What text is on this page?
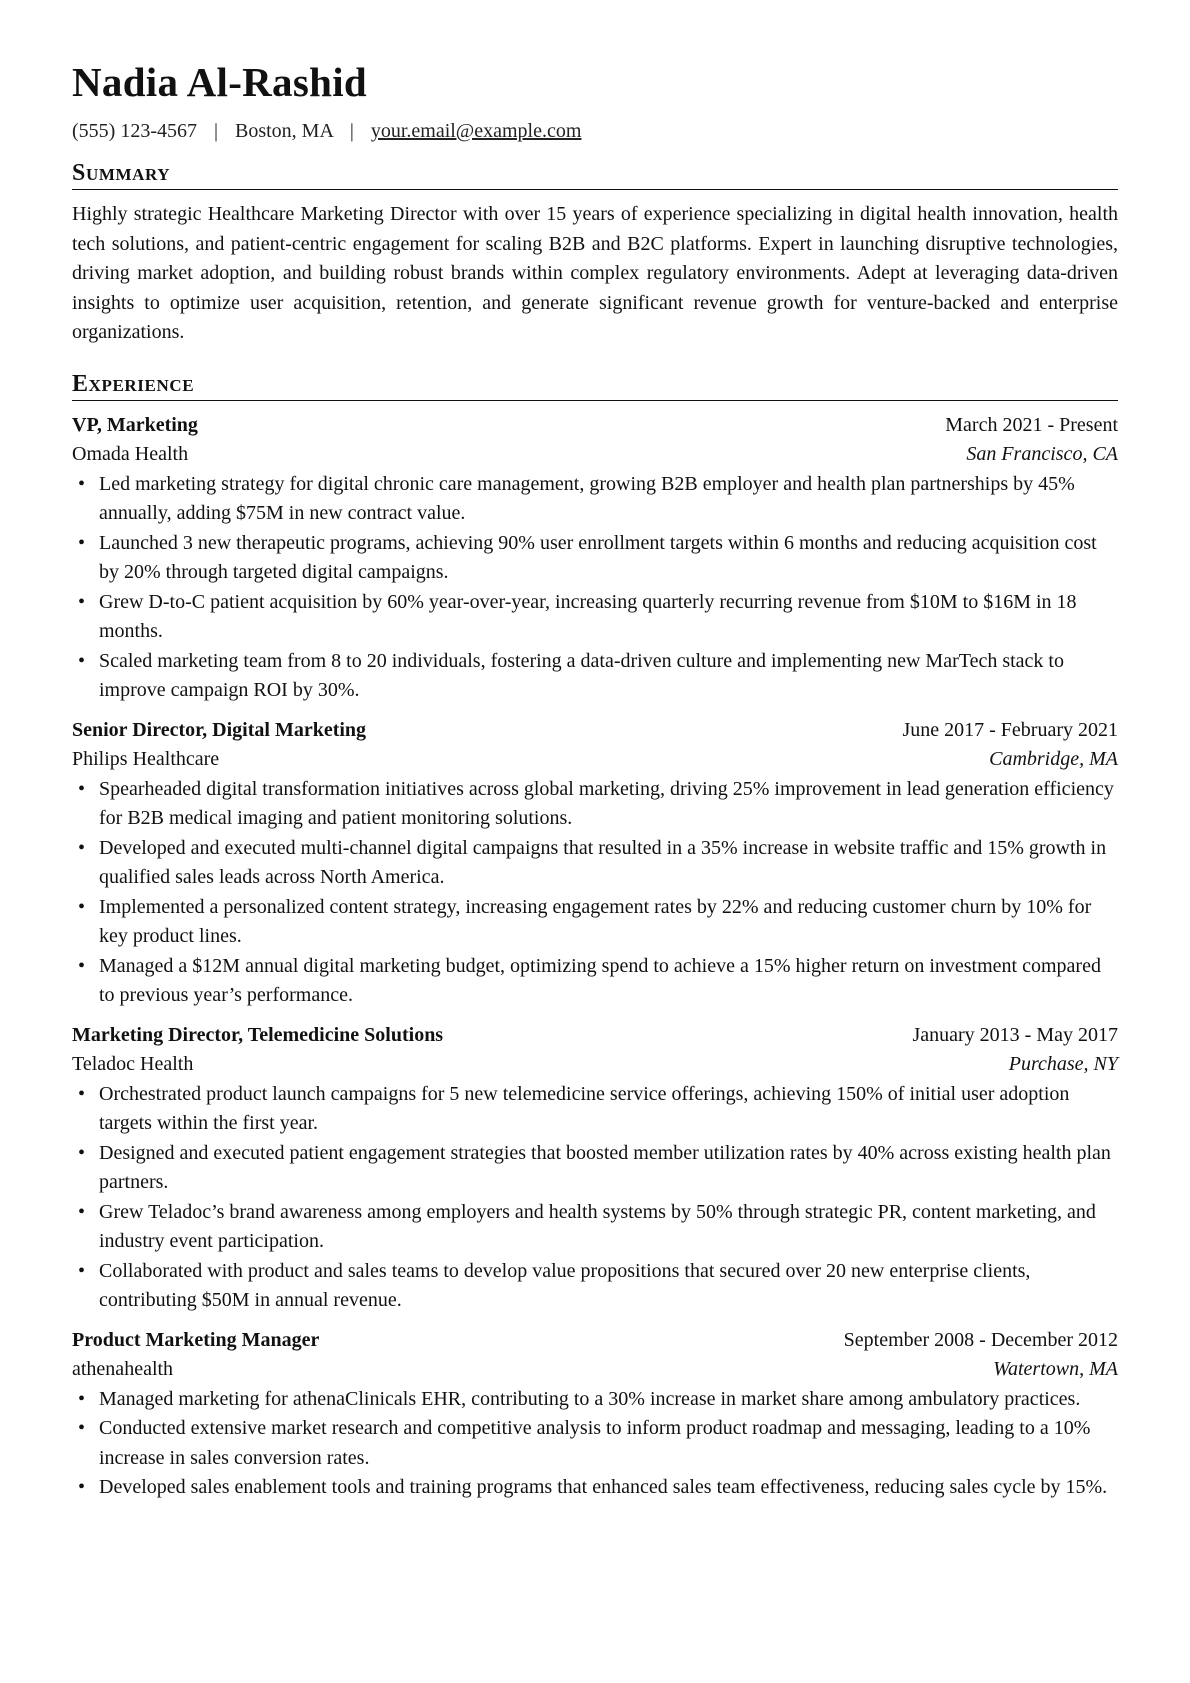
Nadia Al-Rashid
(555) 123-4567 | Boston, MA | your.email@example.com
Summary
Highly strategic Healthcare Marketing Director with over 15 years of experience specializing in digital health innovation, health tech solutions, and patient-centric engagement for scaling B2B and B2C platforms. Expert in launching disruptive technologies, driving market adoption, and building robust brands within complex regulatory environments. Adept at leveraging data-driven insights to optimize user acquisition, retention, and generate significant revenue growth for venture-backed and enterprise organizations.
Experience
VP, Marketing	March 2021 - Present
Omada Health	San Francisco, CA
• Led marketing strategy for digital chronic care management, growing B2B employer and health plan partnerships by 45% annually, adding $75M in new contract value.
• Launched 3 new therapeutic programs, achieving 90% user enrollment targets within 6 months and reducing acquisition cost by 20% through targeted digital campaigns.
• Grew D-to-C patient acquisition by 60% year-over-year, increasing quarterly recurring revenue from $10M to $16M in 18 months.
• Scaled marketing team from 8 to 20 individuals, fostering a data-driven culture and implementing new MarTech stack to improve campaign ROI by 30%.
Senior Director, Digital Marketing	June 2017 - February 2021
Philips Healthcare	Cambridge, MA
• Spearheaded digital transformation initiatives across global marketing, driving 25% improvement in lead generation efficiency for B2B medical imaging and patient monitoring solutions.
• Developed and executed multi-channel digital campaigns that resulted in a 35% increase in website traffic and 15% growth in qualified sales leads across North America.
• Implemented a personalized content strategy, increasing engagement rates by 22% and reducing customer churn by 10% for key product lines.
• Managed a $12M annual digital marketing budget, optimizing spend to achieve a 15% higher return on investment compared to previous year’s performance.
Marketing Director, Telemedicine Solutions	January 2013 - May 2017
Teladoc Health	Purchase, NY
• Orchestrated product launch campaigns for 5 new telemedicine service offerings, achieving 150% of initial user adoption targets within the first year.
• Designed and executed patient engagement strategies that boosted member utilization rates by 40% across existing health plan partners.
• Grew Teladoc’s brand awareness among employers and health systems by 50% through strategic PR, content marketing, and industry event participation.
• Collaborated with product and sales teams to develop value propositions that secured over 20 new enterprise clients, contributing $50M in annual revenue.
Product Marketing Manager	September 2008 - December 2012
athenahealth	Watertown, MA
• Managed marketing for athenaClinicals EHR, contributing to a 30% increase in market share among ambulatory practices.
• Conducted extensive market research and competitive analysis to inform product roadmap and messaging, leading to a 10% increase in sales conversion rates.
• Developed sales enablement tools and training programs that enhanced sales team effectiveness, reducing sales cycle by 15%.
